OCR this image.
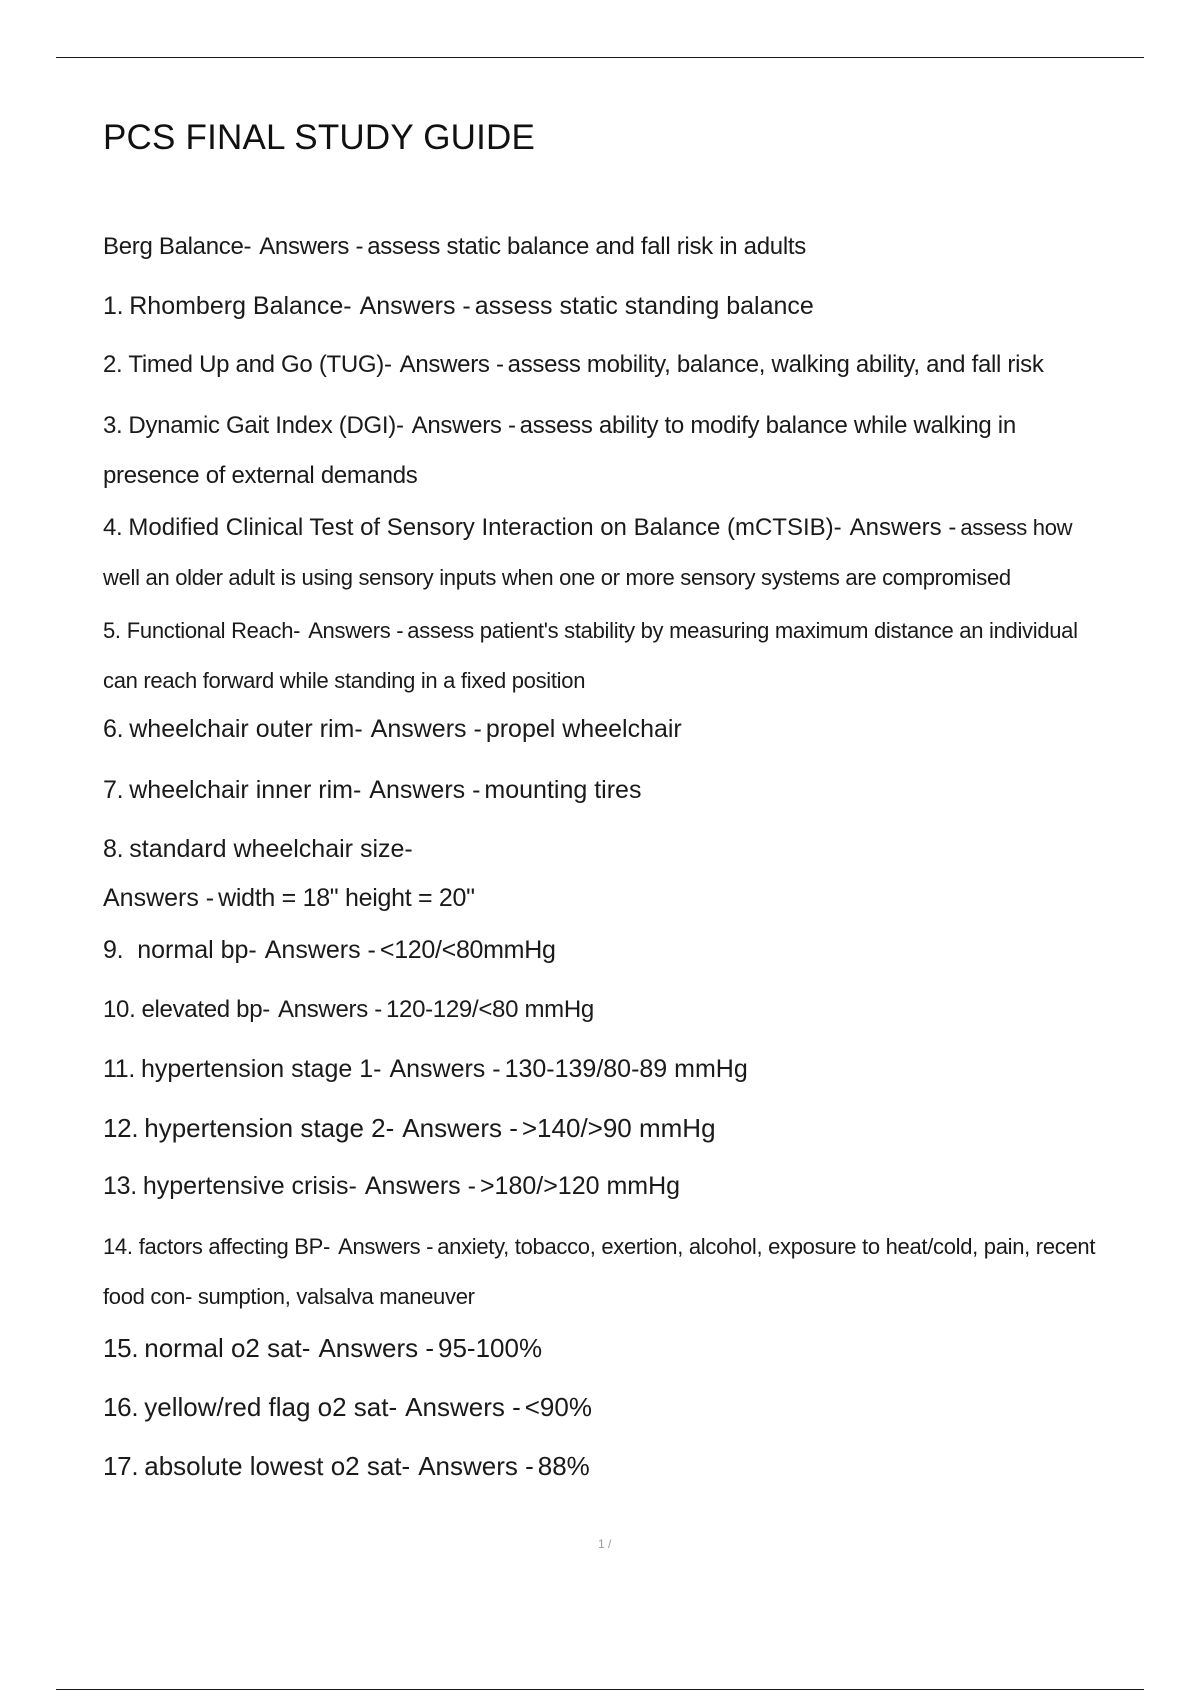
PCS FINAL STUDY GUIDE
Berg Balance- Answers - assess static balance and fall risk in adults
1. Rhomberg Balance- Answers - assess static standing balance
2. Timed Up and Go (TUG)- Answers - assess mobility, balance, walking ability, and fall risk
3. Dynamic Gait Index (DGI)- Answers - assess ability to modify balance while walking in presence of external demands
4. Modified Clinical Test of Sensory Interaction on Balance (mCTSIB)- Answers - assess how well an older adult is using sensory inputs when one or more sensory systems are compromised
5. Functional Reach- Answers - assess patient's stability by measuring maximum distance an individual can reach forward while standing in a fixed position
6. wheelchair outer rim- Answers - propel wheelchair
7. wheelchair inner rim- Answers - mounting tires
8. standard wheelchair size-
Answers - width = 18" height = 20"
9. normal bp- Answers - <120/<80mmHg
10. elevated bp- Answers - 120-129/<80 mmHg
11. hypertension stage 1- Answers - 130-139/80-89 mmHg
12. hypertension stage 2- Answers - >140/>90 mmHg
13. hypertensive crisis- Answers - >180/>120 mmHg
14. factors affecting BP- Answers - anxiety, tobacco, exertion, alcohol, exposure to heat/cold, pain, recent food con- sumption, valsalva maneuver
15. normal o2 sat- Answers - 95-100%
16. yellow/red flag o2 sat- Answers - <90%
17. absolute lowest o2 sat- Answers - 88%
1 /
